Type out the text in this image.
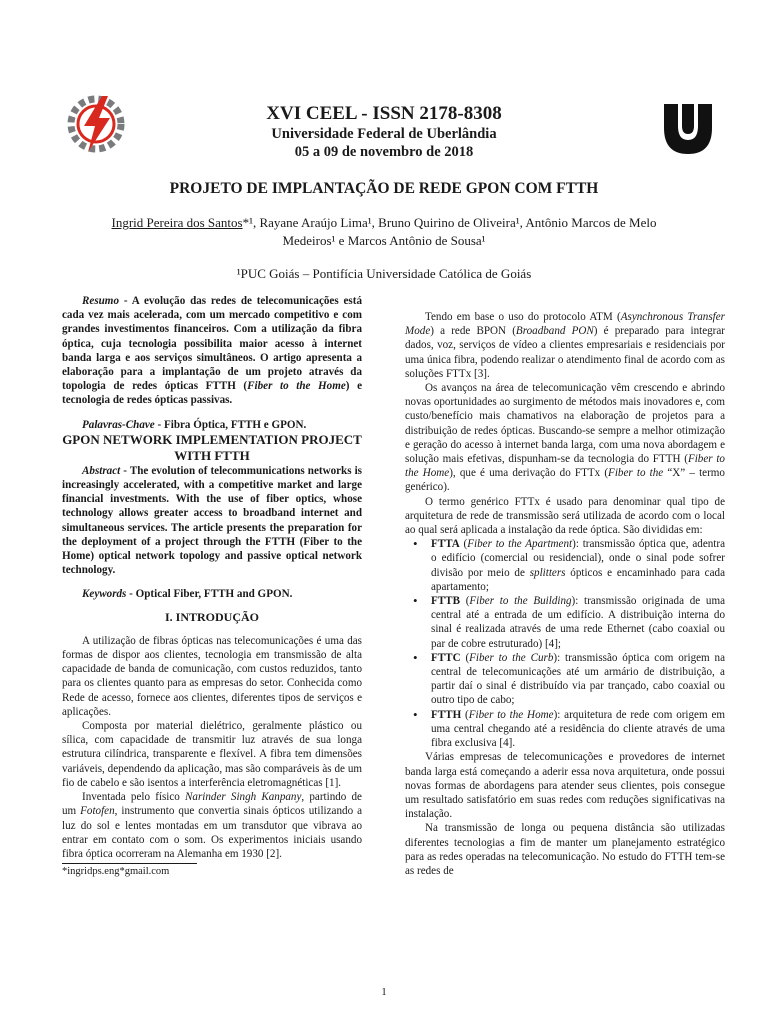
XVI CEEL - ISSN 2178-8308
Universidade Federal de Uberlândia
05 a 09 de novembro de 2018
PROJETO DE IMPLANTAÇÃO DE REDE GPON COM FTTH
Ingrid Pereira dos Santos*¹, Rayane Araújo Lima¹, Bruno Quirino de Oliveira¹, Antônio Marcos de Melo
Medeiros¹ e Marcos Antônio de Sousa¹
¹PUC Goiás – Pontifícia Universidade Católica de Goiás

Resumo - A evolução das redes de telecomunicações está cada vez mais acelerada, com um mercado competitivo e com grandes investimentos financeiros. Com a utilização da fibra óptica, cuja tecnologia possibilita maior acesso à internet banda larga e aos serviços simultâneos. O artigo apresenta a elaboração para a implantação de um projeto através da topologia de redes ópticas FTTH (Fiber to the Home) e tecnologia de redes ópticas passivas.

Palavras-Chave - Fibra Óptica, FTTH e GPON.

GPON NETWORK IMPLEMENTATION PROJECT WITH FTTH

Abstract - The evolution of telecommunications networks is increasingly accelerated, with a competitive market and large financial investments. With the use of fiber optics, whose technology allows greater access to broadband internet and simultaneous services. The article presents the preparation for the deployment of a project through the FTTH (Fiber to the Home) optical network topology and passive optical network technology.

Keywords - Optical Fiber, FTTH and GPON.

I. INTRODUÇÃO

A utilização de fibras ópticas nas telecomunicações é uma das formas de dispor aos clientes, tecnologia em transmissão de alta capacidade de banda de comunicação, com custos reduzidos, tanto para os clientes quanto para as empresas do setor. Conhecida como Rede de acesso, fornece aos clientes, diferentes tipos de serviços e aplicações.

Composta por material dielétrico, geralmente plástico ou sílica, com capacidade de transmitir luz através de sua longa estrutura cilíndrica, transparente e flexível. A fibra tem dimensões variáveis, dependendo da aplicação, mas são comparáveis às de um fio de cabelo e são isentos a interferência eletromagnéticas [1].

Inventada pelo físico Narinder Singh Kanpany, partindo de um Fotofen, instrumento que convertia sinais ópticos utilizando a luz do sol e lentes montadas em um transdutor que vibrava ao entrar em contato com o som. Os experimentos iniciais usando fibra óptica ocorreram na Alemanha em 1930 [2].

*ingridps.eng*gmail.com

Tendo em base o uso do protocolo ATM (Asynchronous Transfer Mode) a rede BPON (Broadband PON) é preparado para integrar dados, voz, serviços de vídeo a clientes empresariais e residenciais por uma única fibra, podendo realizar o atendimento final de acordo com as soluções FTTx [3].

Os avanços na área de telecomunicação vêm crescendo e abrindo novas oportunidades ao surgimento de métodos mais inovadores e, com custo/benefício mais chamativos na elaboração de projetos para a distribuição de redes ópticas. Buscando-se sempre a melhor otimização e geração do acesso à internet banda larga, com uma nova abordagem e solução mais efetivas, dispunham-se da tecnologia do FTTH (Fiber to the Home), que é uma derivação do FTTx (Fiber to the “X” – termo genérico).

O termo genérico FTTx é usado para denominar qual tipo de arquitetura de rede de transmissão será utilizada de acordo com o local ao qual será aplicada a instalação da rede óptica. São divididas em:

• FTTA (Fiber to the Apartment): transmissão óptica que, adentra o edifício (comercial ou residencial), onde o sinal pode sofrer divisão por meio de splitters ópticos e encaminhado para cada apartamento;
• FTTB (Fiber to the Building): transmissão originada de uma central até a entrada de um edifício. A distribuição interna do sinal é realizada através de uma rede Ethernet (cabo coaxial ou par de cobre estruturado) [4];
• FTTC (Fiber to the Curb): transmissão óptica com origem na central de telecomunicações até um armário de distribuição, a partir daí o sinal é distribuído via par trançado, cabo coaxial ou outro tipo de cabo;
• FTTH (Fiber to the Home): arquitetura de rede com origem em uma central chegando até a residência do cliente através de uma fibra exclusiva [4].

Várias empresas de telecomunicações e provedores de internet banda larga está começando a aderir essa nova arquitetura, onde possui novas formas de abordagens para atender seus clientes, pois consegue um resultado satisfatório em suas redes com reduções significativas na instalação.

Na transmissão de longa ou pequena distância são utilizadas diferentes tecnologias a fim de manter um planejamento estratégico para as redes operadas na telecomunicação. No estudo do FTTH tem-se as redes de

1
